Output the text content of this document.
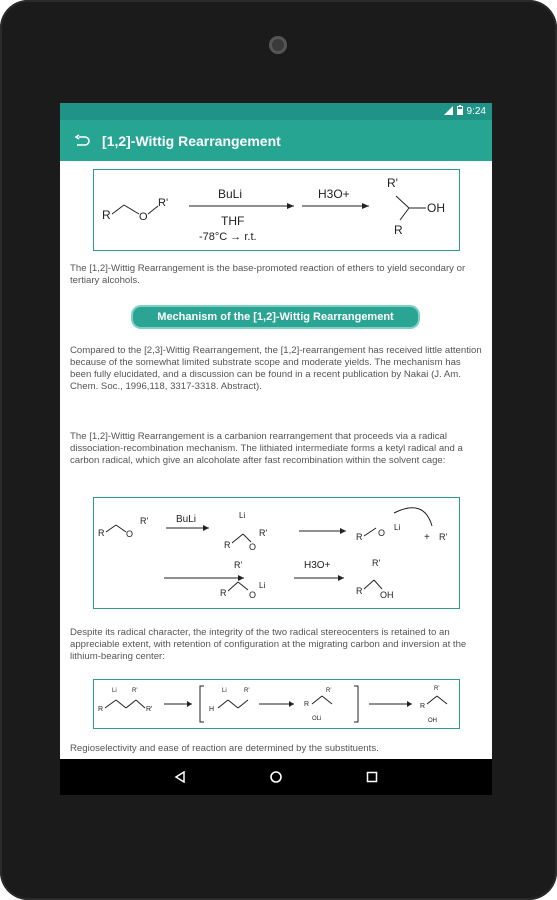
9:24
[1,2]-Wittig Rearrangement
R	O
R'
BuLi
THF
-78°C → r.t.
H3O+
R'
OH
R

The [1,2]-Wittig Rearrangement is the base-promoted reaction of ethers to yield secondary or tertiary alcohols.

Mechanism of the [1,2]-Wittig Rearrangement

Compared to the [2,3]-Wittig Rearrangement, the [1,2]-rearrangement has received little attention because of the somewhat limited substrate scope and moderate yields. The mechanism has been fully elucidated, and a discussion can be found in a recent publication by Nakai (J. Am. Chem. Soc., 1996,118, 3317-3318. Abstract).

The [1,2]-Wittig Rearrangement is a carbanion rearrangement that proceeds via a radical dissociation-recombination mechanism. The lithiated intermediate forms a ketyl radical and a carbon radical, which give an alcoholate after fast recombination within the solvent cage:

R O
R'	BuLi	Li
R O
R'	R O
Li
+ R'
R'
R	O
Li
H3O+	R'
R OH

Despite its radical character, the integrity of the two radical stereocenters is retained to an appreciable extent, with retention of configuration at the migrating carbon and inversion at the lithium-bearing center:

R
Li	R'
R'	H
Li	R'
R
R'
OLi
R
R'
OH

Regioselectivity and ease of reaction are determined by the substituents.
